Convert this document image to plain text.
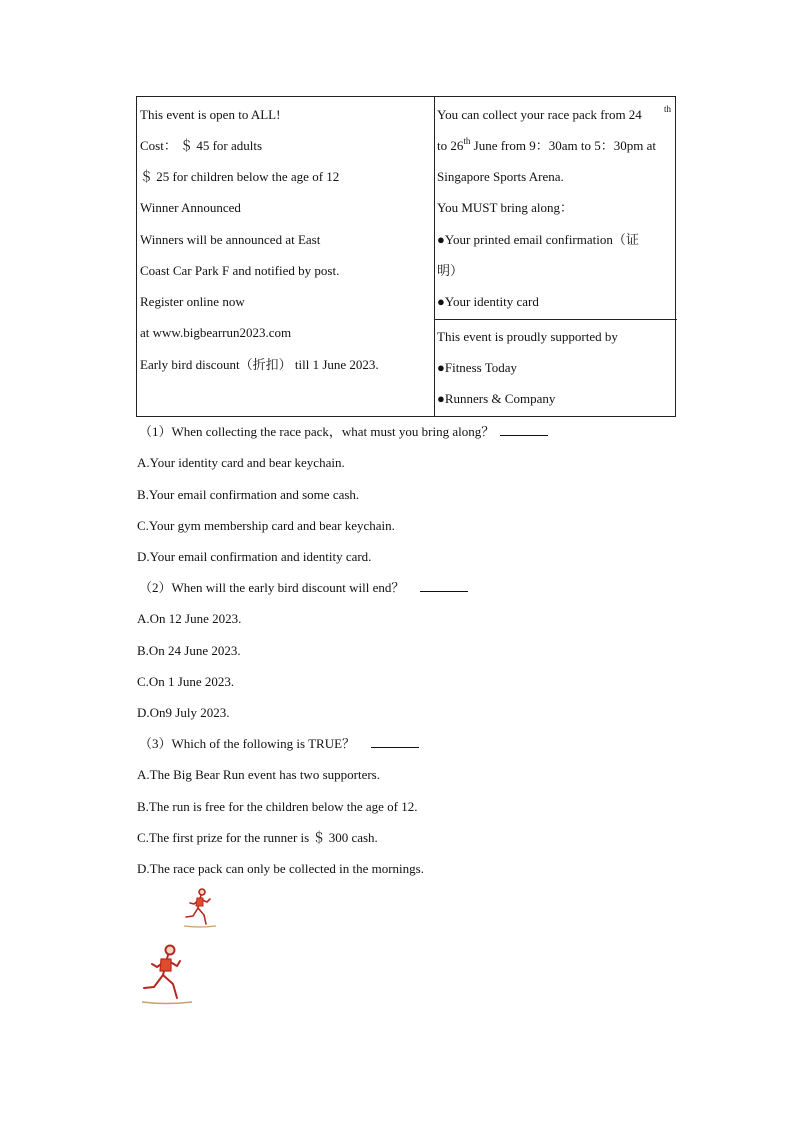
This event is open to ALL!
Cost： ＄ 45 for adults
＄ 25 for children below the age of 12
Winner Announced
Winners will be announced at East
Coast Car Park F and notified by post.
Register online now
at www.bigbearrun2023.com
Early bird discount（折扣） till 1 June 2023.
You can collect your race pack from 24
to 26th June from 9：30am to 5：30pm at
Singapore Sports Arena.
You MUST bring along：
●Your printed email confirmation（证
明）
●Your identity card
This event is proudly supported by
●Fitness Today
●Runners & Company
th
（1）When collecting the race pack，what must you bring along？
A.Your identity card and bear keychain.
B.Your email confirmation and some cash.
C.Your gym membership card and bear keychain.
D.Your email confirmation and identity card.
（2）When will the early bird discount will end？
A.On 12 June 2023.
B.On 24 June 2023.
C.On 1 June 2023.
D.On9 July 2023.
（3）Which of the following is TRUE？
A.The Big Bear Run event has two supporters.
B.The run is free for the children below the age of 12.
C.The first prize for the runner is ＄ 300 cash.
D.The race pack can only be collected in the mornings.
